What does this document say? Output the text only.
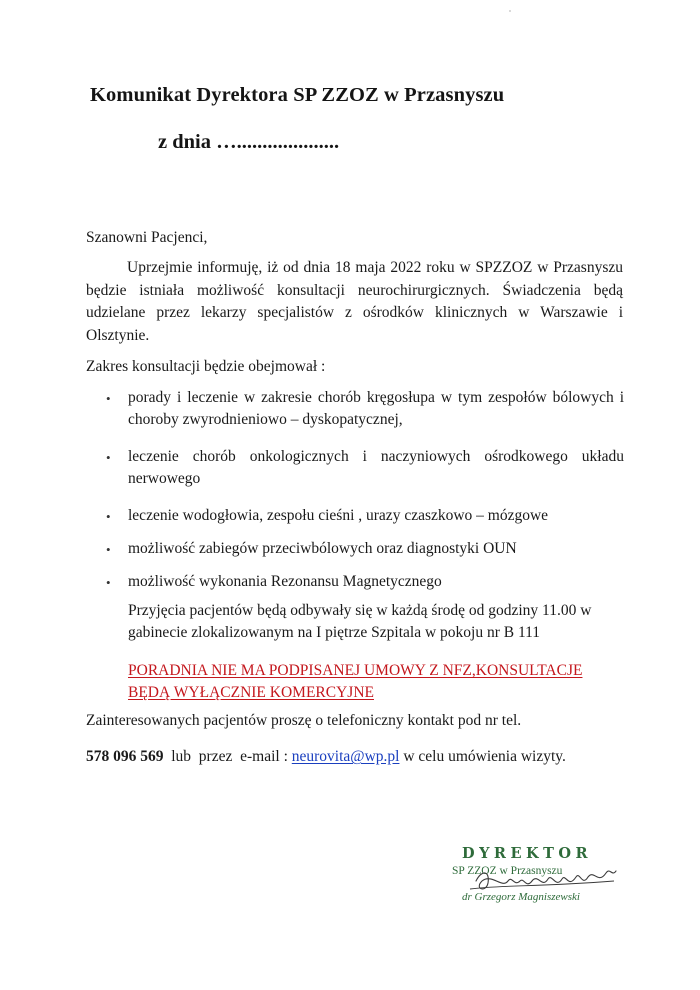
Komunikat Dyrektora SP ZZOZ w Przasnyszu
z dnia …....................
Szanowni Pacjenci,
Uprzejmie informuję, iż od dnia 18 maja 2022 roku w SPZZOZ w Przasnyszu będzie istniała możliwość konsultacji neurochirurgicznych. Świadczenia będą udzielane przez lekarzy specjalistów z ośrodków klinicznych w Warszawie i Olsztynie.
Zakres konsultacji będzie obejmował :
• porady i leczenie w zakresie chorób kręgosłupa w tym zespołów bólowych i choroby zwyrodnieniowo – dyskopatycznej,
• leczenie chorób onkologicznych i naczyniowych ośrodkowego układu nerwowego
• leczenie wodogłowia, zespołu cieśni , urazy czaszkowo – mózgowe
• możliwość zabiegów przeciwbólowych oraz diagnostyki OUN
• możliwość wykonania Rezonansu Magnetycznego
Przyjęcia pacjentów będą odbywały się w każdą środę od godziny 11.00 w gabinecie zlokalizowanym na I piętrze Szpitala w pokoju nr B 111
PORADNIA NIE MA PODPISANEJ UMOWY Z NFZ,KONSULTACJE BĘDĄ WYŁĄCZNIE KOMERCYJNE
Zainteresowanych pacjentów proszę o telefoniczny kontakt pod nr tel.
578 096 569  lub  przez  e-mail : neurovita@wp.pl w celu umówienia wizyty.
DYREKTOR
SP ZZOZ w Przasnyszu
dr Grzegorz Magniszewski
